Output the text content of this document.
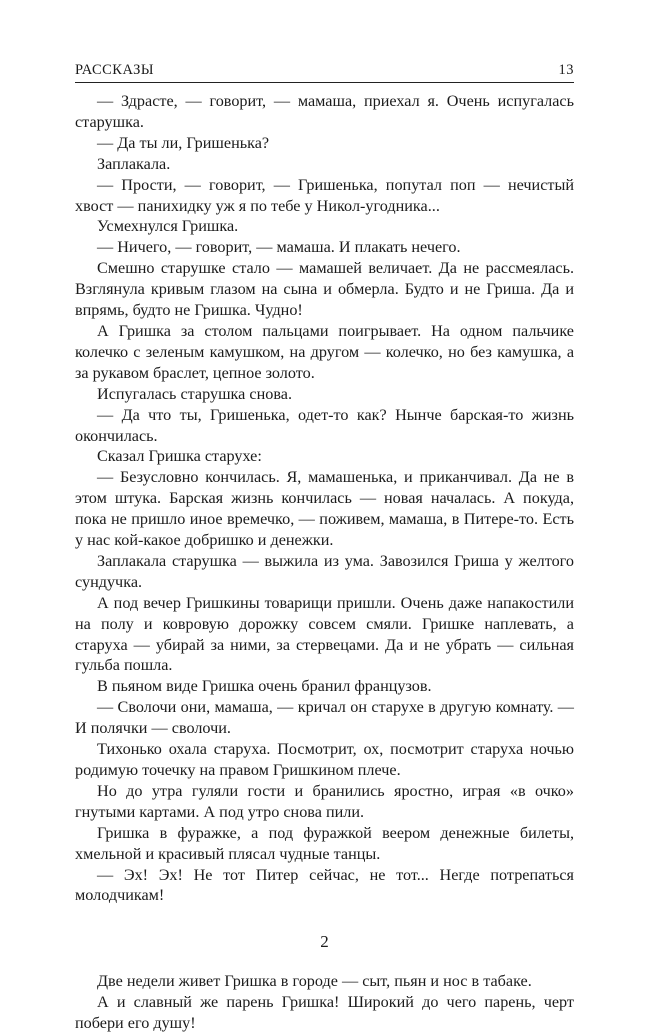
РАССКАЗЫ	13

— Здрасте, — говорит, — мамаша, приехал я. Очень испугалась старушка.

— Да ты ли, Гришенька?

Заплакала.

— Прости, — говорит, — Гришенька, попутал поп — нечистый хвост — панихидку уж я по тебе у Никол-угодника...

Усмехнулся Гришка.

— Ничего, — говорит, — мамаша. И плакать нечего.

Смешно старушке стало — мамашей величает. Да не рассмеялась. Взглянула кривым глазом на сына и обмерла. Будто и не Гриша. Да и впрямь, будто не Гришка. Чудно!

А Гришка за столом пальцами поигрывает. На одном пальчике колечко с зеленым камушком, на другом — колечко, но без камушка, а за рукавом браслет, цепное золото.

Испугалась старушка снова.

— Да что ты, Гришенька, одет-то как? Нынче барская-то жизнь окончилась.

Сказал Гришка старухе:

— Безусловно кончилась. Я, мамашенька, и приканчивал. Да не в этом штука. Барская жизнь кончилась — новая началась. А покуда, пока не пришло иное времечко, — поживем, мамаша, в Питере-то. Есть у нас кой-какое добришко и денежки.

Заплакала старушка — выжила из ума. Завозился Гриша у желтого сундучка.

А под вечер Гришкины товарищи пришли. Очень даже напакостили на полу и ковровую дорожку совсем смяли. Гришке наплевать, а старуха — убирай за ними, за стервецами. Да и не убрать — сильная гульба пошла.

В пьяном виде Гришка очень бранил французов.

— Сволочи они, мамаша, — кричал он старухе в другую комнату. — И полячки — сволочи.

Тихонько охала старуха. Посмотрит, ох, посмотрит старуха ночью родимую точечку на правом Гришкином плече.

Но до утра гуляли гости и бранились яростно, играя «в очко» гнутыми картами. А под утро снова пили.

Гришка в фуражке, а под фуражкой веером денежные билеты, хмельной и красивый плясал чудные танцы.

— Эх! Эх! Не тот Питер сейчас, не тот... Негде потрепаться молодчикам!

2

Две недели живет Гришка в городе — сыт, пьян и нос в табаке.

А и славный же парень Гришка! Широкий до чего парень, черт побери его душу!
